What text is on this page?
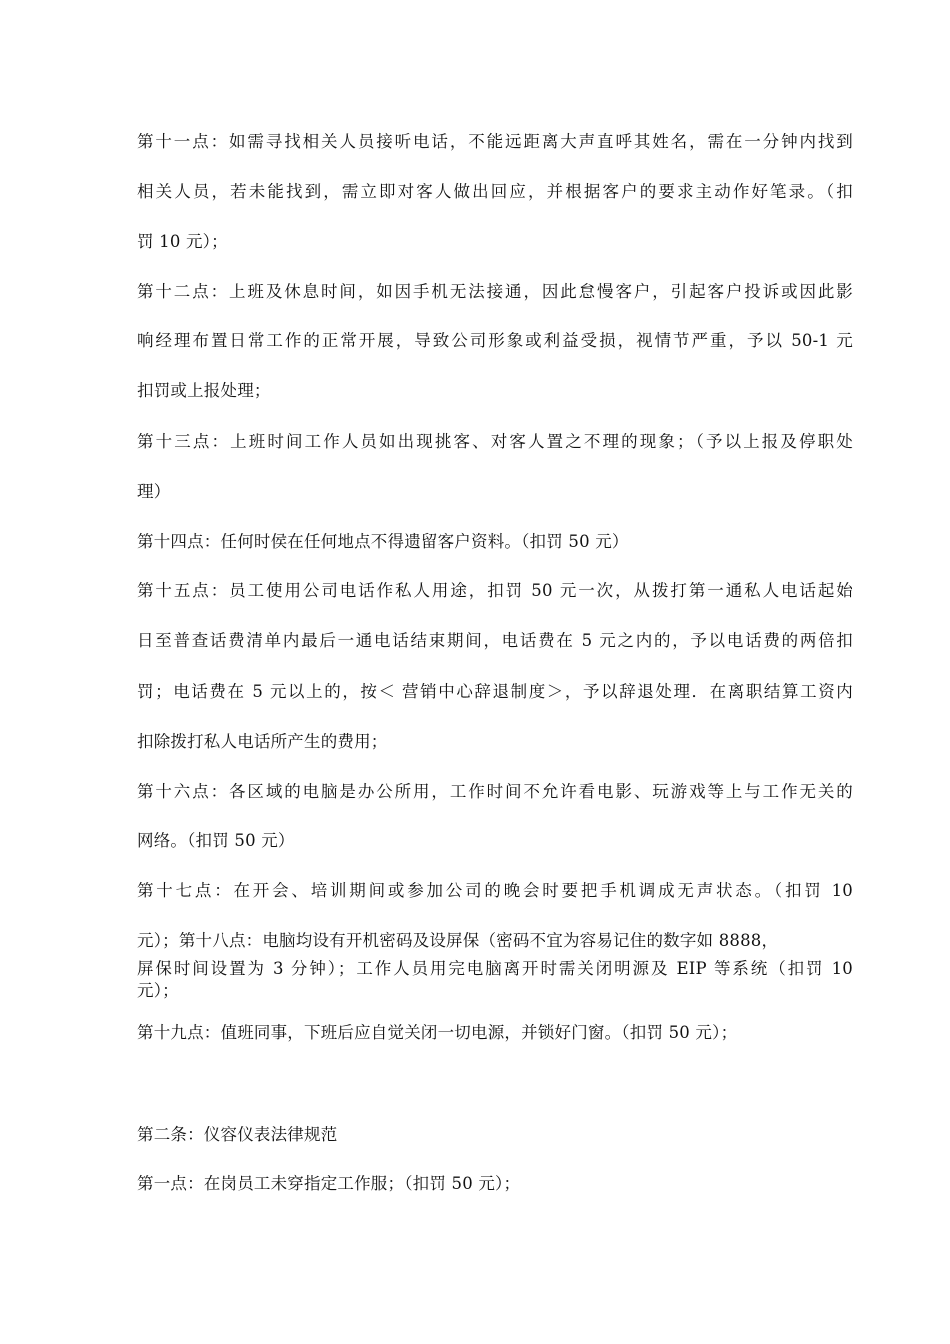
第十一点：如需寻找相关人员接听电话，不能远距离大声直呼其姓名，需在一分钟内找到
相关人员，若未能找到，需立即对客人做出回应，并根据客户的要求主动作好笔录。（扣
罚 10 元）；
第十二点：上班及休息时间，如因手机无法接通，因此怠慢客户，引起客户投诉或因此影
响经理布置日常工作的正常开展，导致公司形象或利益受损，视情节严重，予以 50-1 元
扣罚或上报处理；
第十三点：上班时间工作人员如出现挑客、对客人置之不理的现象；（予以上报及停职处
理）
第十四点：任何时侯在任何地点不得遗留客户资料。（扣罚 50 元）
第十五点：员工使用公司电话作私人用途，扣罚 50 元一次，从拨打第一通私人电话起始
日至普查话费清单内最后一通电话结束期间，电话费在 5 元之内的，予以电话费的两倍扣
罚；电话费在 5 元以上的，按＜ 营销中心辞退制度＞，予以辞退处理．在离职结算工资内
扣除拨打私人电话所产生的费用；
第十六点：各区域的电脑是办公所用，工作时间不允许看电影、玩游戏等上与工作无关的
网络。（扣罚 50 元）
第十七点：在开会、培训期间或参加公司的晚会时要把手机调成无声状态。（扣罚 10
元）；第十八点：电脑均设有开机密码及设屏保（密码不宜为容易记住的数字如 8888，
屏保时间设置为 3 分钟）；工作人员用完电脑离开时需关闭明源及 EIP 等系统（扣罚 10
元）；
第十九点：值班同事，下班后应自觉关闭一切电源，并锁好门窗。（扣罚 50 元）；
第二条：仪容仪表法律规范
第一点：在岗员工未穿指定工作服；（扣罚 50 元）；
